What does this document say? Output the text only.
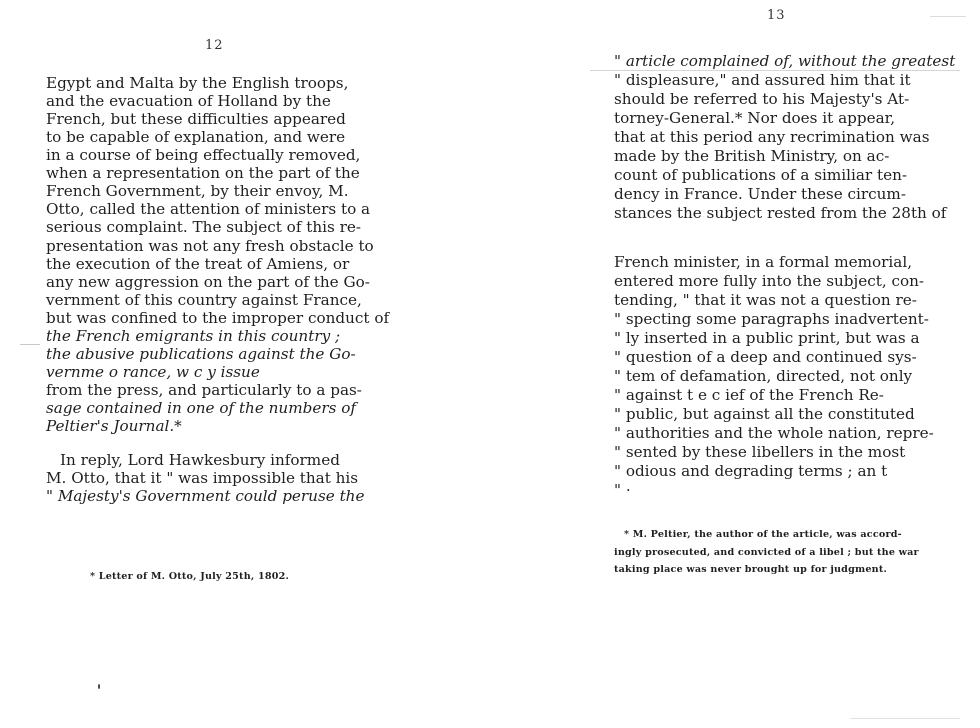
12
Egypt and Malta by the English troops,
and the evacuation of Holland by the
French, but these difficulties appeared
to be capable of explanation, and were
in a course of being effectually removed,
when a representation on the part of the
French Government, by their envoy, M.
Otto, called the attention of ministers to a
serious complaint. The subject of this re-
presentation was not any fresh obstacle to
the execution of the treat of Amiens, or
any new aggression on the part of the Go-
vernment of this country against France,
but was confined to the improper conduct of
the French emigrants in this country ;
the abusive publications against the Go-
vernme o rance, w c y issue
from the press, and particularly to a pas-
sage contained in one of the numbers of
Peltier's Journal.*
In reply, Lord Hawkesbury informed
M. Otto, that it " was impossible that his
" Majesty's Government could peruse the
* Letter of M. Otto, July 25th, 1802.
13
" article complained of, without the greatest
" displeasure," and assured him that it
should be referred to his Majesty's At-
torney-General.* Nor does it appear,
that at this period any recrimination was
made by the British Ministry, on ac-
count of publications of a similiar ten-
dency in France. Under these circum-
stances the subject rested from the 28th of
French minister, in a formal memorial,
entered more fully into the subject, con-
tending, " that it was not a question re-
" specting some paragraphs inadvertent-
" ly inserted in a public print, but was a
" question of a deep and continued sys-
" tem of defamation, directed, not only
" against t e c ief of the French Re-
" public, but against all the constituted
" authorities and the whole nation, repre-
" sented by these libellers in the most
" odious and degrading terms ; an t
" ·
* M. Peltier, the author of the article, was accord-
ingly prosecuted, and convicted of a libel ; but the war
taking place was never brought up for judgment.
